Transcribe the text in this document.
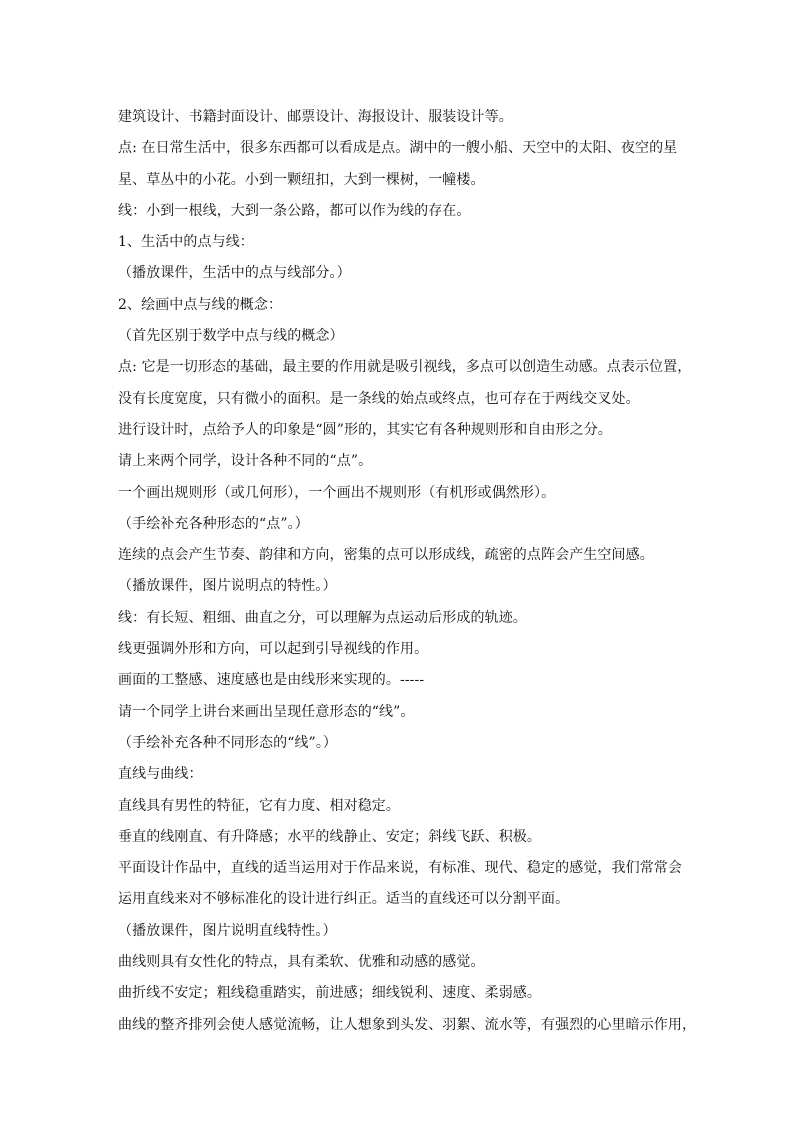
建筑设计、书籍封面设计、邮票设计、海报设计、服装设计等。

点: 在日常生活中，很多东西都可以看成是点。湖中的一艘小船、天空中的太阳、夜空的星

星、草丛中的小花。小到一颗纽扣，大到一棵树，一幢楼。

线：小到一根线，大到一条公路，都可以作为线的存在。

1、生活中的点与线：

（播放课件，生活中的点与线部分。）

2、绘画中点与线的概念：

（首先区别于数学中点与线的概念）

点: 它是一切形态的基础，最主要的作用就是吸引视线，多点可以创造生动感。点表示位置，

没有长度宽度，只有微小的面积。是一条线的始点或终点，也可存在于两线交叉处。

进行设计时，点给予人的印象是“圆”形的，其实它有各种规则形和自由形之分。

请上来两个同学，设计各种不同的“点”。

一个画出规则形（或几何形），一个画出不规则形（有机形或偶然形）。

（手绘补充各种形态的“点”。）

连续的点会产生节奏、韵律和方向，密集的点可以形成线，疏密的点阵会产生空间感。

（播放课件，图片说明点的特性。）

线：有长短、粗细、曲直之分，可以理解为点运动后形成的轨迹。

线更强调外形和方向，可以起到引导视线的作用。

画面的工整感、速度感也是由线形来实现的。-----

请一个同学上讲台来画出呈现任意形态的“线”。

（手绘补充各种不同形态的“线”。）

直线与曲线：

直线具有男性的特征，它有力度、相对稳定。

垂直的线刚直、有升降感；水平的线静止、安定；斜线飞跃、积极。

平面设计作品中，直线的适当运用对于作品来说，有标准、现代、稳定的感觉，我们常常会

运用直线来对不够标准化的设计进行纠正。适当的直线还可以分割平面。

（播放课件，图片说明直线特性。）

曲线则具有女性化的特点，具有柔软、优雅和动感的感觉。

曲折线不安定；粗线稳重踏实，前进感；细线锐利、速度、柔弱感。

曲线的整齐排列会使人感觉流畅，让人想象到头发、羽絮、流水等，有强烈的心里暗示作用，
